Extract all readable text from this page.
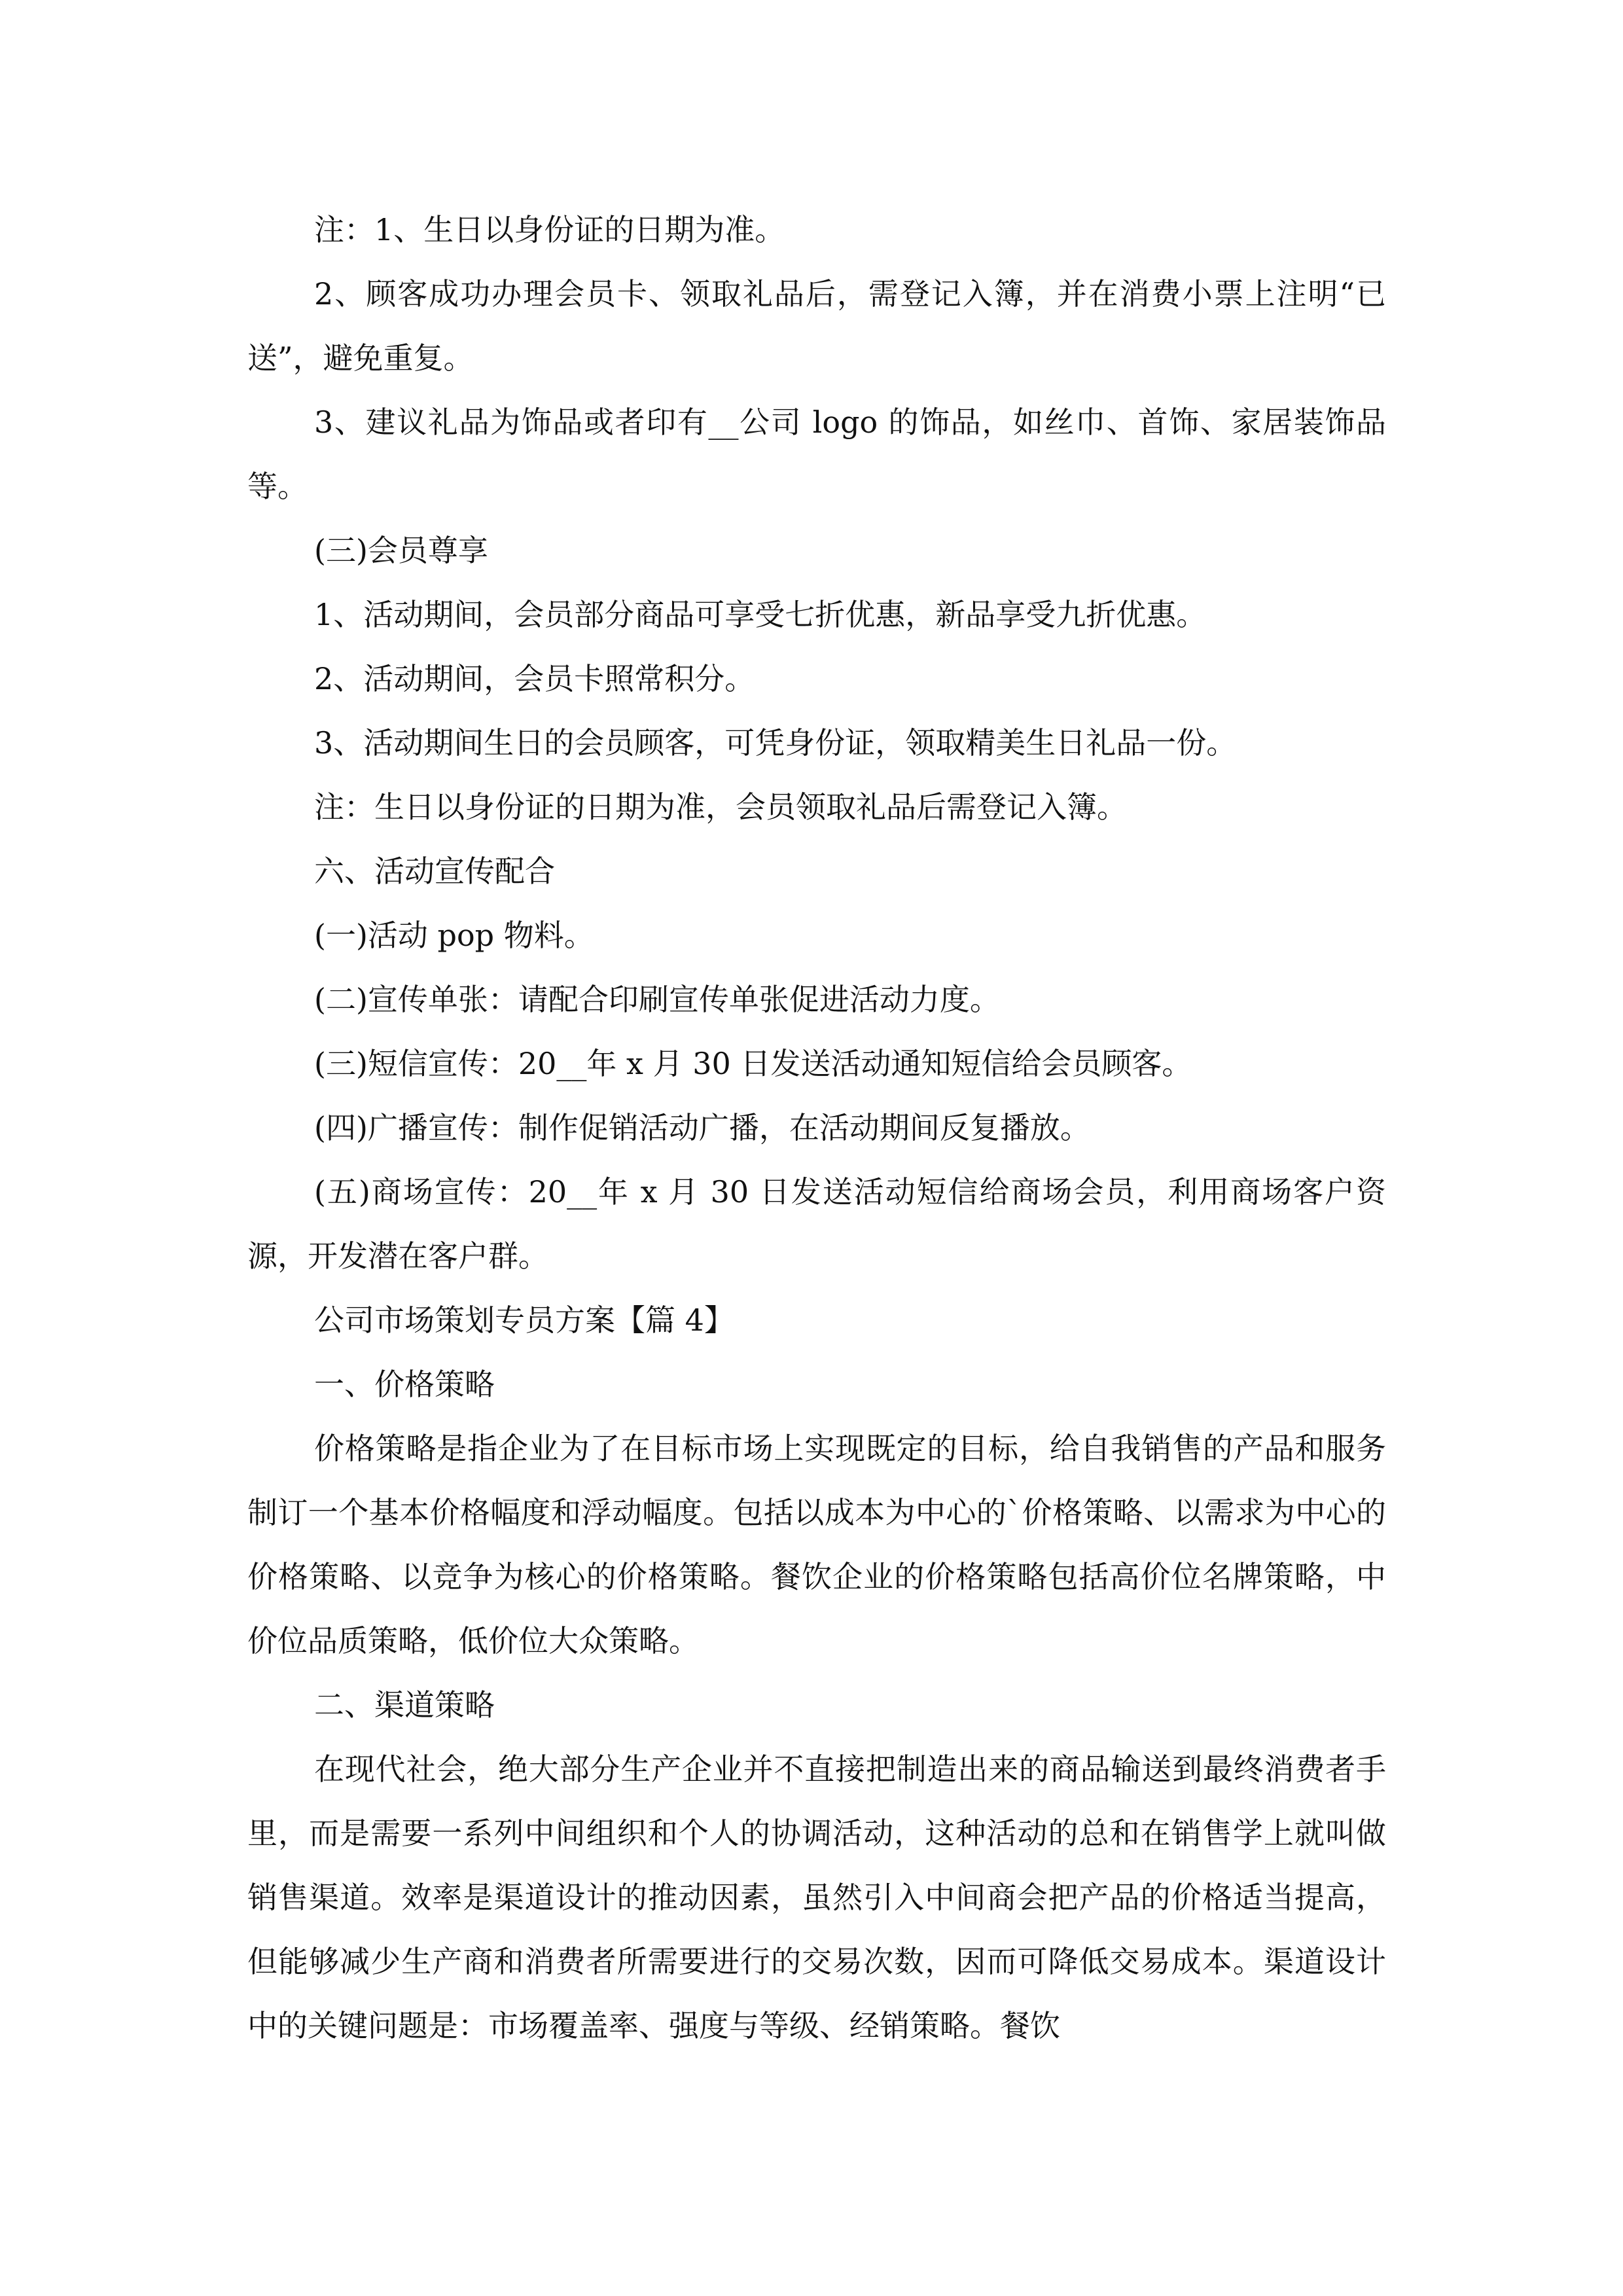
注：1、生日以身份证的日期为准。

2、顾客成功办理会员卡、领取礼品后，需登记入簿，并在消费小票上注明“已送”，避免重复。

3、建议礼品为饰品或者印有__公司 logo 的饰品，如丝巾、首饰、家居装饰品等。

(三)会员尊享

1、活动期间，会员部分商品可享受七折优惠，新品享受九折优惠。

2、活动期间，会员卡照常积分。

3、活动期间生日的会员顾客，可凭身份证，领取精美生日礼品一份。

注：生日以身份证的日期为准，会员领取礼品后需登记入簿。

六、活动宣传配合

(一)活动 pop 物料。

(二)宣传单张：请配合印刷宣传单张促进活动力度。

(三)短信宣传：20__年 x 月 30 日发送活动通知短信给会员顾客。

(四)广播宣传：制作促销活动广播，在活动期间反复播放。

(五)商场宣传：20__年 x 月 30 日发送活动短信给商场会员，利用商场客户资源，开发潜在客户群。

公司市场策划专员方案【篇 4】

一、价格策略

价格策略是指企业为了在目标市场上实现既定的目标，给自我销售的产品和服务制订一个基本价格幅度和浮动幅度。包括以成本为中心的`价格策略、以需求为中心的价格策略、以竞争为核心的价格策略。餐饮企业的价格策略包括高价位名牌策略，中价位品质策略，低价位大众策略。

二、渠道策略

在现代社会，绝大部分生产企业并不直接把制造出来的商品输送到最终消费者手里，而是需要一系列中间组织和个人的协调活动，这种活动的总和在销售学上就叫做销售渠道。效率是渠道设计的推动因素，虽然引入中间商会把产品的价格适当提高，但能够减少生产商和消费者所需要进行的交易次数，因而可降低交易成本。渠道设计中的关键问题是：市场覆盖率、强度与等级、经销策略。餐饮
